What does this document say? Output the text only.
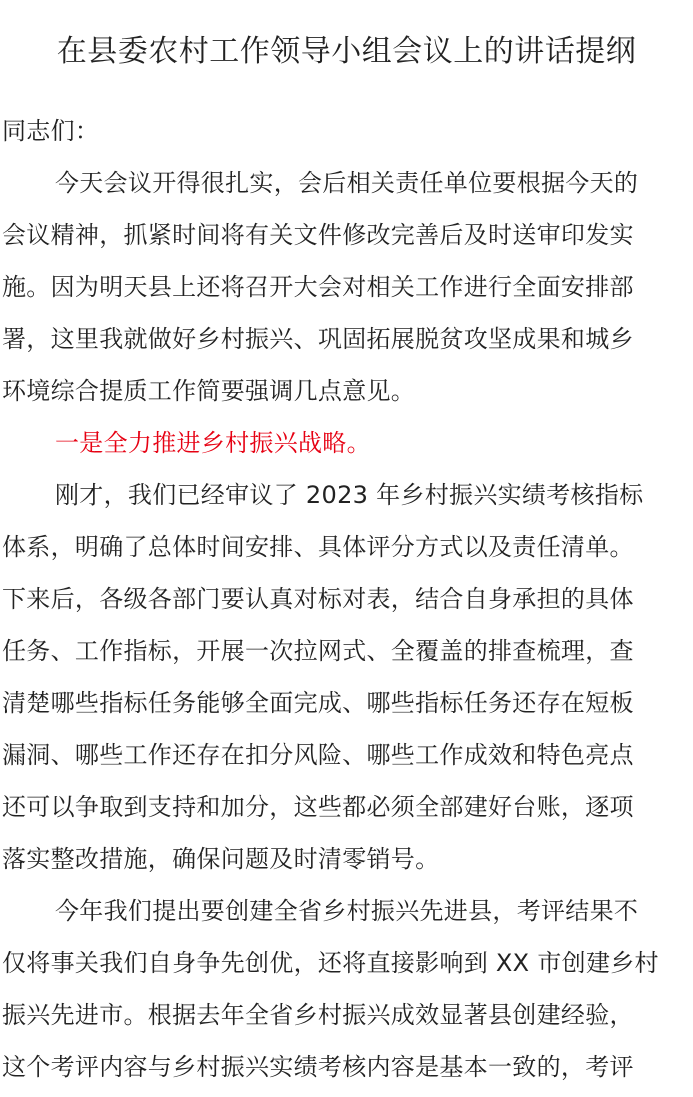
在县委农村工作领导小组会议上的讲话提纲
同志们：

今天会议开得很扎实，会后相关责任单位要根据今天的
会议精神，抓紧时间将有关文件修改完善后及时送审印发实
施。因为明天县上还将召开大会对相关工作进行全面安排部
署，这里我就做好乡村振兴、巩固拓展脱贫攻坚成果和城乡
环境综合提质工作简要强调几点意见。

一是全力推进乡村振兴战略。

刚才，我们已经审议了 2023 年乡村振兴实绩考核指标
体系，明确了总体时间安排、具体评分方式以及责任清单。
下来后，各级各部门要认真对标对表，结合自身承担的具体
任务、工作指标，开展一次拉网式、全覆盖的排查梳理，查
清楚哪些指标任务能够全面完成、哪些指标任务还存在短板
漏洞、哪些工作还存在扣分风险、哪些工作成效和特色亮点
还可以争取到支持和加分，这些都必须全部建好台账，逐项
落实整改措施，确保问题及时清零销号。

今年我们提出要创建全省乡村振兴先进县，考评结果不
仅将事关我们自身争先创优，还将直接影响到 XX 市创建乡村
振兴先进市。根据去年全省乡村振兴成效显著县创建经验，
这个考评内容与乡村振兴实绩考核内容是基本一致的，考评
